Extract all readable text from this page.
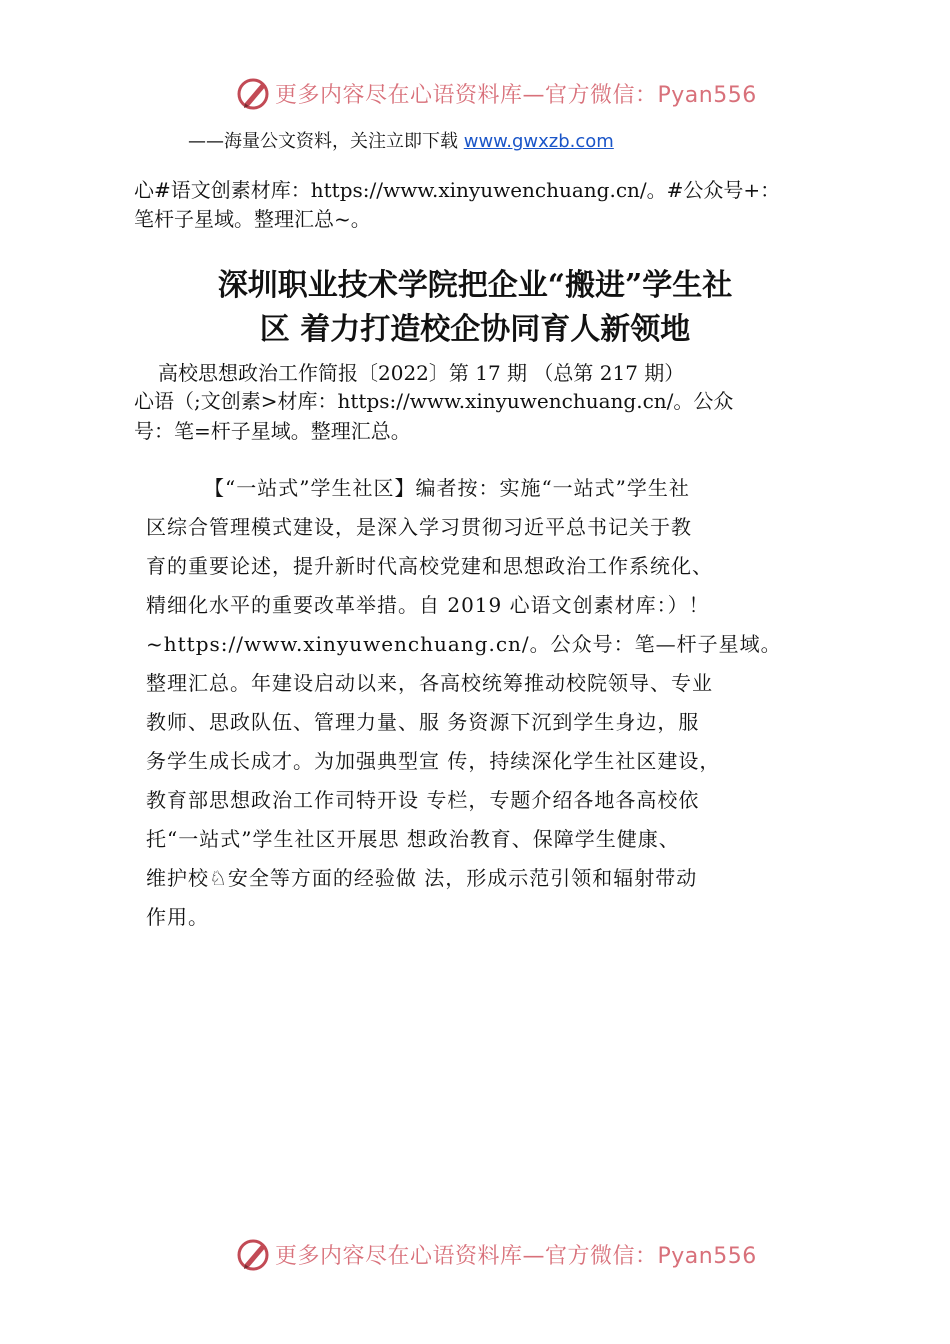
更多内容尽在心语资料库—官方微信：Pyan556
——海量公文资料，关注立即下载 www.gwxzb.com
心#语文创素材库：https://www.xinyuwenchuang.cn/。#公众号+：
笔杆子星域。整理汇总~。
深圳职业技术学院把企业“搬进”学生社
区 着力打造校企协同育人新领地
高校思想政治工作简报〔2022〕第 17 期 （总第 217 期）
心语（;文创素>材库：https://www.xinyuwenchuang.cn/。公众
号：笔=杆子星域。整理汇总。
【“一站式”学生社区】编者按：实施“一站式”学生社
区综合管理模式建设，是深入学习贯彻习近平总书记关于教
育的重要论述，提升新时代高校党建和思想政治工作系统化、
精细化水平的重要改革举措。自 2019 心语文创素材库：）！
~https://www.xinyuwenchuang.cn/。公众号：笔—杆子星域。
整理汇总。年建设启动以来，各高校统筹推动校院领导、专业
教师、思政队伍、管理力量、服 务资源下沉到学生身边，服
务学生成长成才。为加强典型宣 传，持续深化学生社区建设，
教育部思想政治工作司特开设 专栏，专题介绍各地各高校依
托“一站式”学生社区开展思 想政治教育、保障学生健康、
维护校♘安全等方面的经验做 法，形成示范引领和辐射带动
作用。
更多内容尽在心语资料库—官方微信：Pyan556
